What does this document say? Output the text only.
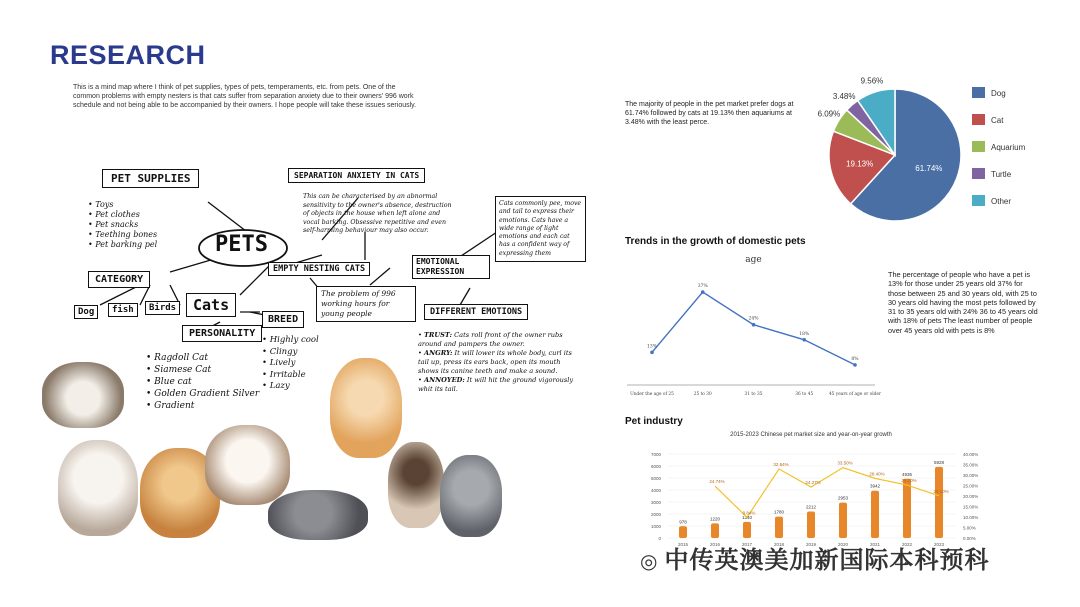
RESEARCH
This is a mind map where I think of pet supplies, types of pets, temperaments, etc. from pets. One of the common problems with empty nesters is that cats suffer from separation anxiety due to their owners' 996 work schedule and not being able to be accompanied by their owners. I hope people will take these issues seriously.
PETS
PET SUPPLIES
• Toys
• Pet clothes
• Pet snacks
• Teething bones
• Pet barking pel
CATEGORY
Dog	fish	Birds	Cats
SEPARATION ANXIETY IN CATS
This can be characterised by an abnormal sensitivity to the owner's absence, destruction of objects in the house when left alone and vocal barking. Obsessive repetitive and even self-harming behaviour may also occur.
Cats commonly pee, move and tail to express their emotions. Cats have a wide range of light emotions and each cat has a confident way of expressing them
EMPTY NESTING CATS
EMOTIONAL EXPRESSION
The problem of 996 working hours for young people
PERSONALITY
• Ragdoll Cat
• Siamese Cat
• Blue cat
• Golden Gradient Silver
• Gradient
BREED
• Highly cool
• Clingy
• Lively
• Irritable
• Lazy
DIFFERENT EMOTIONS
• TRUST: Cats roll front of the owner rubs around and pampers the owner.
• ANGRY: It will lower its whole body, curl its tail up, press its ears back, open its mouth shows its canine teeth and make a sound.
• ANNOYED: It will hit the ground vigorously whit its tail.
The majority of people in the pet market prefer dogs at 61.74% followed by cats at 19.13% then aquariums at 3.48% with the least perce.
61.74%
19.13%
6.09%
3.48%
9.56%
Dog
Cat
Aquarium
Turtle
Other
Trends in the growth of domestic pets
age
13%
Under the age of 25
37%
25 to 30
24%
31 to 35
18%
36 to 45
8%
45 years of age or older
The percentage of people who have a pet is 13% for those under 25 years old 37% for those between 25 and 30 years old, with 25 to 30 years old having the most pets followed by 31 to 35 years old with 24% 36 to 45 years old with 18% of pets The least number of people over 45 years old with pets is 8%
Pet industry
2015-2023 Chinese pet market size and year-on-year growth
0
1000
2000
3000
4000
5000
6000
7000
0.00%
5.00%
10.00%
15.00%
20.00%
25.00%
30.00%
35.00%
40.00%
978
2015
1220
2016
1340
2017
1780
2018
2212
2019
2953
2020
3942
2021
4936
2022
5928
2023
24.74%
9.84%
32.84%
24.27%
33.50%
28.40%
25.20%
20.10%
◎ 中传英澳美加新国际本科预科
